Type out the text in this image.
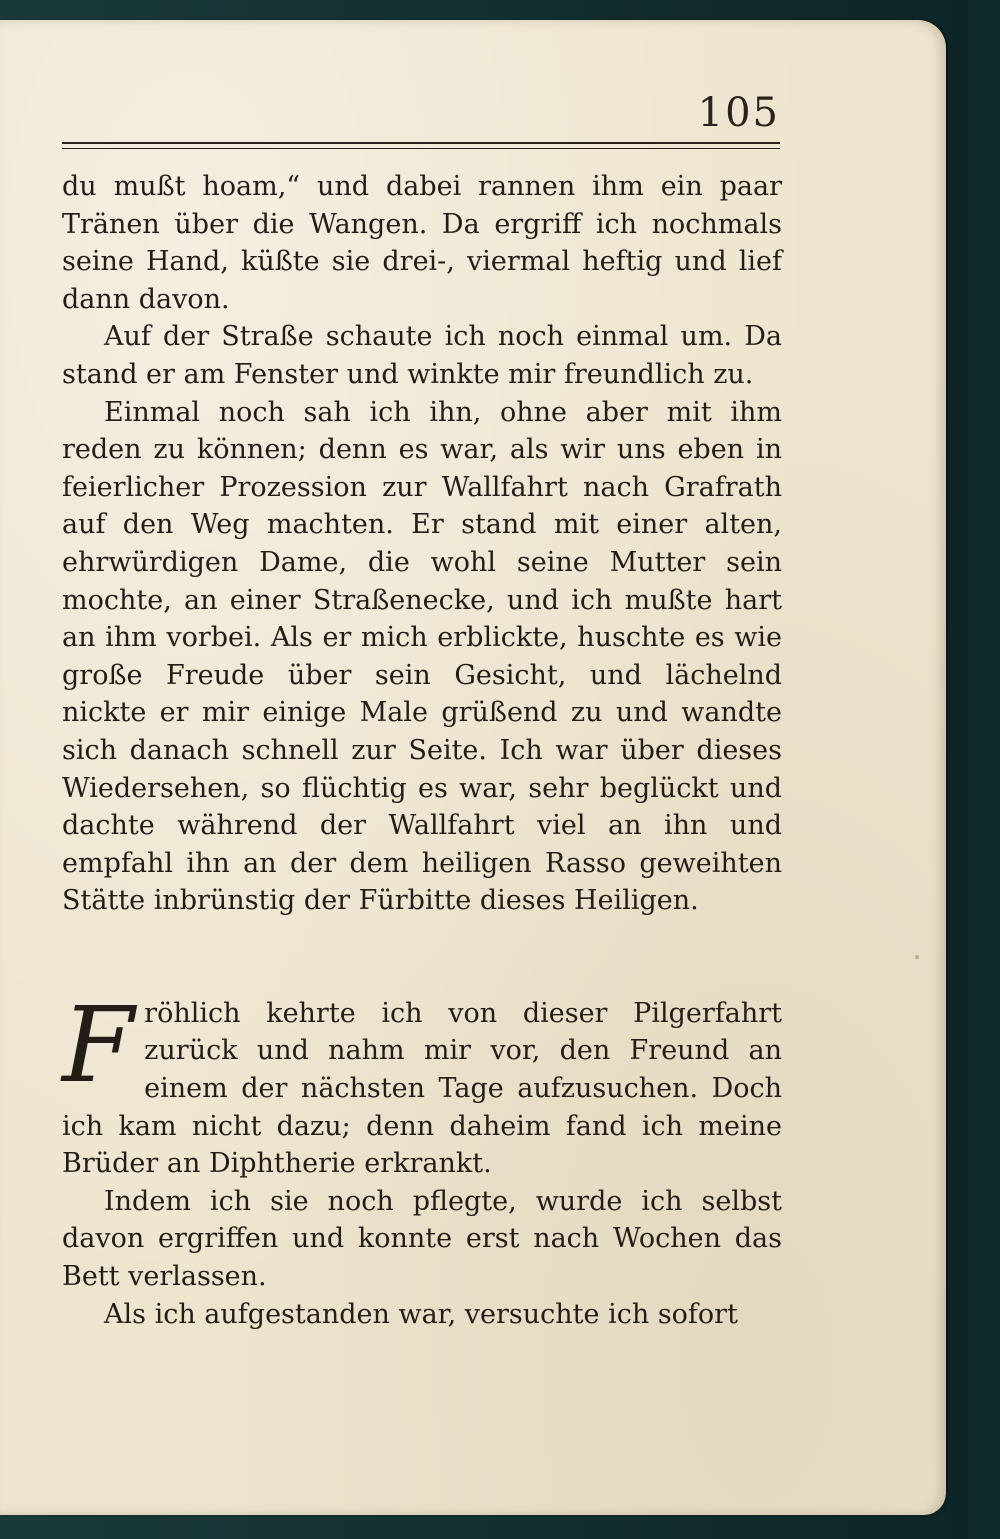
105

du mußt hoam,“ und dabei rannen ihm ein paar Tränen über die Wangen. Da ergriff ich nochmals seine Hand, küßte sie drei-, viermal heftig und lief dann davon.

Auf der Straße schaute ich noch einmal um. Da stand er am Fenster und winkte mir freundlich zu.

Einmal noch sah ich ihn, ohne aber mit ihm reden zu können; denn es war, als wir uns eben in feierlicher Prozession zur Wallfahrt nach Grafrath auf den Weg machten. Er stand mit einer alten, ehrwürdigen Dame, die wohl seine Mutter sein mochte, an einer Straßenecke, und ich mußte hart an ihm vorbei. Als er mich erblickte, huschte es wie große Freude über sein Gesicht, und lächelnd nickte er mir einige Male grüßend zu und wandte sich danach schnell zur Seite. Ich war über dieses Wiedersehen, so flüchtig es war, sehr beglückt und dachte während der Wallfahrt viel an ihn und empfahl ihn an der dem heiligen Rasso geweihten Stätte inbrünstig der Fürbitte dieses Heiligen.

Fröhlich kehrte ich von dieser Pilgerfahrt zurück und nahm mir vor, den Freund an einem der nächsten Tage aufzusuchen. Doch ich kam nicht dazu; denn daheim fand ich meine Brüder an Diphtherie erkrankt.

Indem ich sie noch pflegte, wurde ich selbst davon ergriffen und konnte erst nach Wochen das Bett verlassen.

Als ich aufgestanden war, versuchte ich sofort
